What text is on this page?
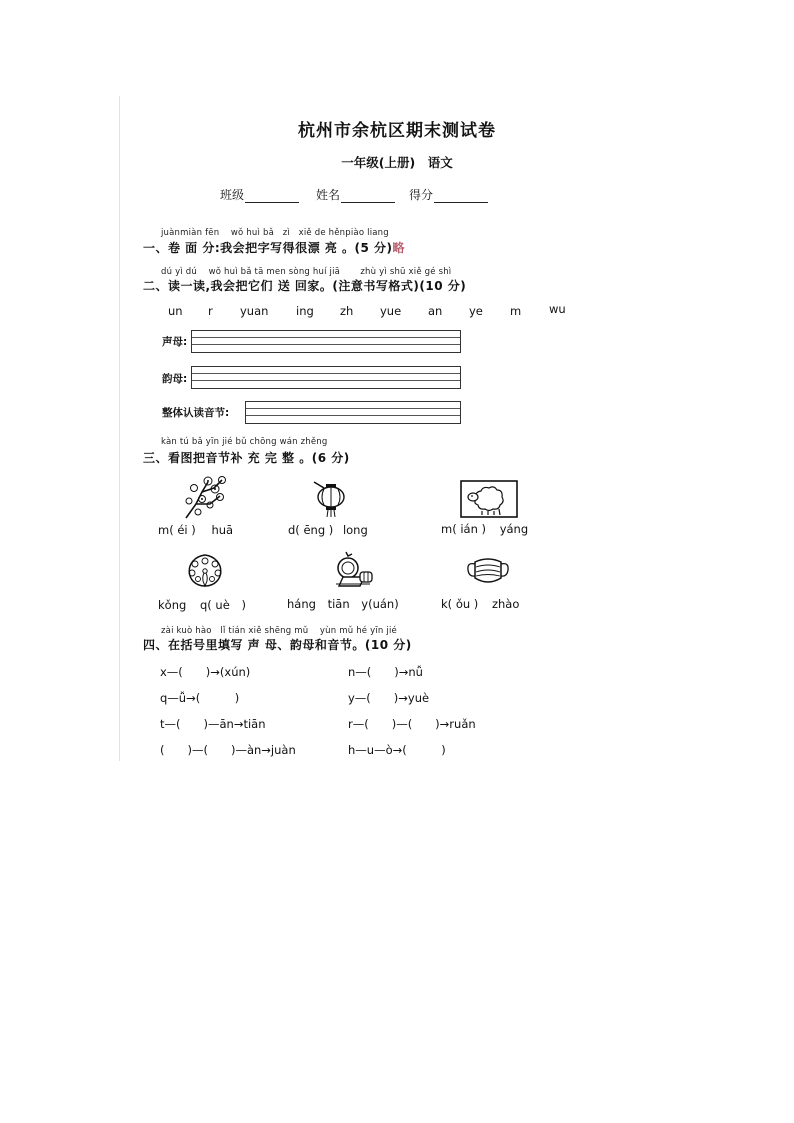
杭州市余杭区期末测试卷
一年级(上册)　语文
班级	姓名	得分
juànmiàn fēn　 wǒ huì bǎ　zì　xiě de hěnpiào liang
一、卷 面 分:我会把字写得很漂 亮 。(5 分)略
dú yì dú　 wǒ huì bǎ tā men sòng huí jiā　　 zhù yì shū xiě gé shì
二、读一读,我会把它们 送 回家。(注意书写格式)(10 分)
un r yuan ing zh yue an ye m wu
声母:
韵母:
整体认读音节:
kàn tú bǎ yīn jié bǔ chōng wán zhěng
三、看图把音节补 充 完 整 。(6 分)
m( éi ) huā	d( ēng ) long	m( ián ) yáng
kǒng q( uè )	háng tiān y(uán)	k( ǒu ) zhào
zài kuò hào　lǐ tián xiě shēng mǔ　 yùn mǔ hé yīn jié
四、在括号里填写 声 母、韵母和音节。(10 分)
x—(　　)→(xún)	n—(　　)→nǚ
q—ǚ→(　　　)	y—(　　)→yuè
t—(　　)—ān→tiān	r—(　　)—(　　)→ruǎn
(　　)—(　　)—àn→juàn	h—u—ò→(　　　)
